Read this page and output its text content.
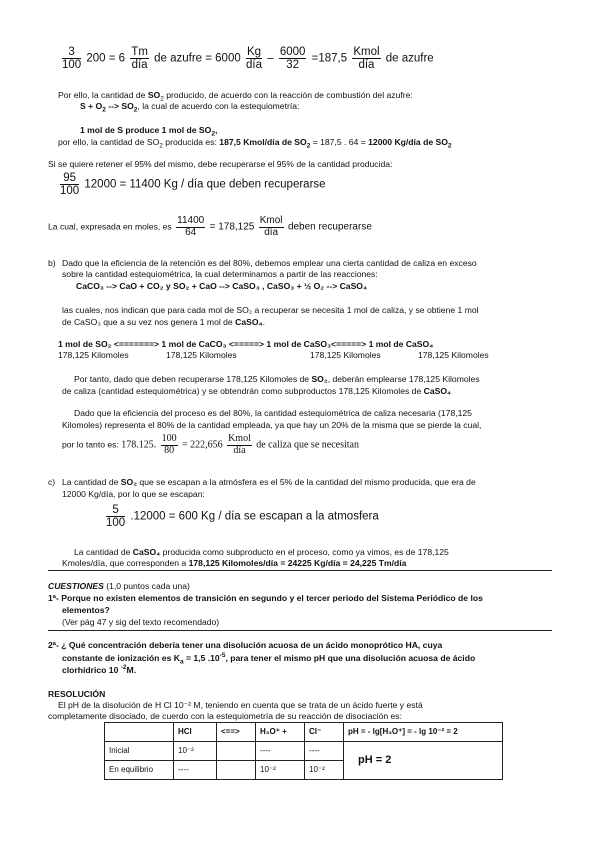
$\frac{3}{100} 200 = 6 \frac{Tm}{\text{día}}$ de azufre = $6000 \frac{Kg}{\text{día}} - \frac{6000}{32} =187,5 \frac{\text{Kmol}}{\text{día}}$ de azufre
Por ello, la cantidad de $SO_2$ producido, de acuerdo con la reacción de combustión del azufre:
$S + O_2$ --> $SO_2$, la cual de acuerdo con la estequiometría:
1 mol de S produce 1 mol de $SO_2$,
por ello, la cantidad de $SO_2$ producida es: 187,5 Kmol/día de $SO_2 = 187,5$ . 64 = 12000 Kg/día de $SO_2$
Si se quiere retener el 95% del mismo, debe recuperarse el 95% de la cantidad producida:
$\frac{95}{100} 12000 = 11400$ Kg / día que deben recuperarse
La cual, expresada en moles, es $\frac{11400}{64} = 178,125 \frac{\text{Kmol}}{\text{día}}$ deben recuperarse
b) Dado que la eficiencia de la retención es del 80%, debemos emplear una cierta cantidad de caliza en exceso
sobre la cantidad estequiométrica, la cual determinamos a partir de las reacciones:
CaCO₃ --> CaO + CO₂ y SO₂ + CaO --> CaSO₃ , CaSO₃ + ½ O₂ --> CaSO₄
las cuales, nos indican que para cada mol de SO₂ a recuperar se necesita 1 mol de caliza, y se obtiene 1 mol
de CaSO₃ que a su vez nos genera 1 mol de CaSO₄.
1 mol de SO₂ <=======> 1 mol de CaCO₃ <=====> 1 mol de CaSO₃<=====> 1 mol de CaSO₄
178,125 Kilomoles	178,125 Kilomoles	178,125 Kilomoles	178,125 Kilomoles
Por tanto, dado que deben recuperarse 178,125 Kilomoles de SO₂, deberán emplearse 178,125 Kilomoles
de caliza (cantidad estequiométrica) y se obtendrán como subproductos 178,125 Kilomoles de CaSO₄
Dado que la eficiencia del proceso es del 80%, la cantidad estequiométrica de caliza necesaria (178,125
Kilomoles) representa el 80% de la cantidad empleada, ya que hay un 20% de la misma que se pierde la cual,
por lo tanto es: 178.125. $\frac{100}{80} = 222,656 \frac{\text{Kmol}}{\text{día}}$ de caliza que se necesitan
c) La cantidad de SO₂ que se escapan a la atmósfera es el 5% de la cantidad del mismo producida, que era de
12000 Kg/día, por lo que se escapan:
$\frac{5}{100} .12000 = 600$ Kg / día se escapan a la atmosfera
La cantidad de CaSO₄ producida como subproducto en el proceso, como ya vimos, es de 178,125
Kmoles/día, que corresponden a 178,125 Kilomoles/día = 24225 Kg/día = 24,225 Tm/día
CUESTIONES (1,0 puntos cada una)
1ª- Porque no existen elementos de transición en segundo y el tercer periodo del Sistema Periódico de los
elementos?
(Ver pág 47 y sig del texto recomendado)
2ª- ¿ Qué concentración debería tener una disolución acuosa de un ácido monoprótico HA, cuya
constante de ionización es $K_a = 1,5$ $.10^{-5}$, para tener el mismo pH que una disolución acuosa de ácido
clorhídrico 10 $^{-2}$M.
RESOLUCIÓN
El pH de la disolución de H Cl 10⁻² M, teniendo en cuenta que se trata de un ácido fuerte y está
completamente disociado, de cuerdo con la estequiometría de su reacción de disociación es:
	HCl	<==>	H₃O⁺ +	Cl⁻	pH = - lg[H₃O⁺] = - lg 10⁻² = 2
Inicial	10⁻²		----	----	pH = 2
En equilibrio	----		10⁻²	10⁻²	
